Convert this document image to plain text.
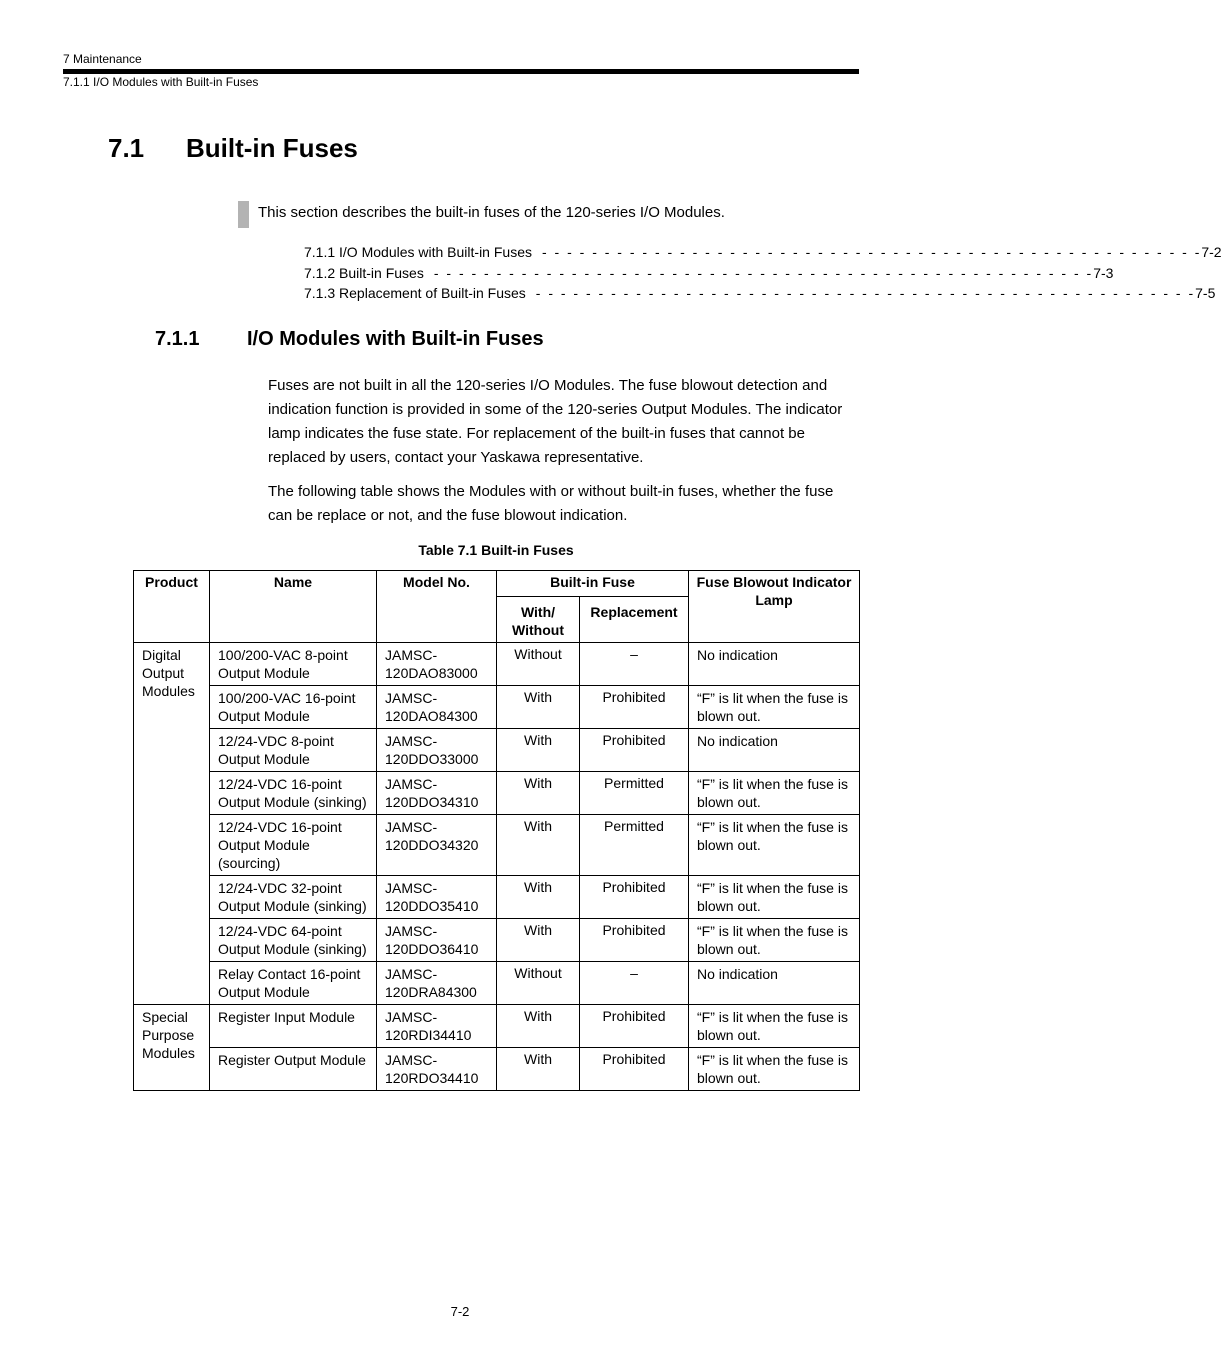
7 Maintenance
7.1.1 I/O Modules with Built-in Fuses
7.1 Built-in Fuses
This section describes the built-in fuses of the 120-series I/O Modules.
7.1.1 I/O Modules with Built-in Fuses - - - - - - - - - - - - - - - - - - - - - - - - - - - - - - - - - - - - - - - - - - - - - - - - - - - - - 7-2
7.1.2 Built-in Fuses - - - - - - - - - - - - - - - - - - - - - - - - - - - - - - - - - - - - - - - - - - - - - - - - - - - - - 7-3
7.1.3 Replacement of Built-in Fuses - - - - - - - - - - - - - - - - - - - - - - - - - - - - - - - - - - - - - - - - - - - - - - - - - - - - - 7-5
7.1.1 I/O Modules with Built-in Fuses
Fuses are not built in all the 120-series I/O Modules. The fuse blowout detection and indication function is provided in some of the 120-series Output Modules. The indicator lamp indicates the fuse state. For replacement of the built-in fuses that cannot be replaced by users, contact your Yaskawa representative.
The following table shows the Modules with or without built-in fuses, whether the fuse can be replace or not, and the fuse blowout indication.
Table 7.1 Built-in Fuses
Product	Name	Model No.	Built-in Fuse		Fuse Blowout Indicator Lamp
			With/ Without	Replacement	
Digital Output Modules	100/200-VAC 8-point Output Module	JAMSC-120DAO83000	Without	–	No indication
	100/200-VAC 16-point Output Module	JAMSC-120DAO84300	With	Prohibited	“F” is lit when the fuse is blown out.
	12/24-VDC 8-point Output Module	JAMSC-120DDO33000	With	Prohibited	No indication
	12/24-VDC 16-point Output Module (sinking)	JAMSC-120DDO34310	With	Permitted	“F” is lit when the fuse is blown out.
	12/24-VDC 16-point Output Module (sourcing)	JAMSC-120DDO34320	With	Permitted	“F” is lit when the fuse is blown out.
	12/24-VDC 32-point Output Module (sinking)	JAMSC-120DDO35410	With	Prohibited	“F” is lit when the fuse is blown out.
	12/24-VDC 64-point Output Module (sinking)	JAMSC-120DDO36410	With	Prohibited	“F” is lit when the fuse is blown out.
	Relay Contact 16-point Output Module	JAMSC-120DRA84300	Without	–	No indication
Special Purpose Modules	Register Input Module	JAMSC-120RDI34410	With	Prohibited	“F” is lit when the fuse is blown out.
	Register Output Module	JAMSC-120RDO34410	With	Prohibited	“F” is lit when the fuse is blown out.
7-2
